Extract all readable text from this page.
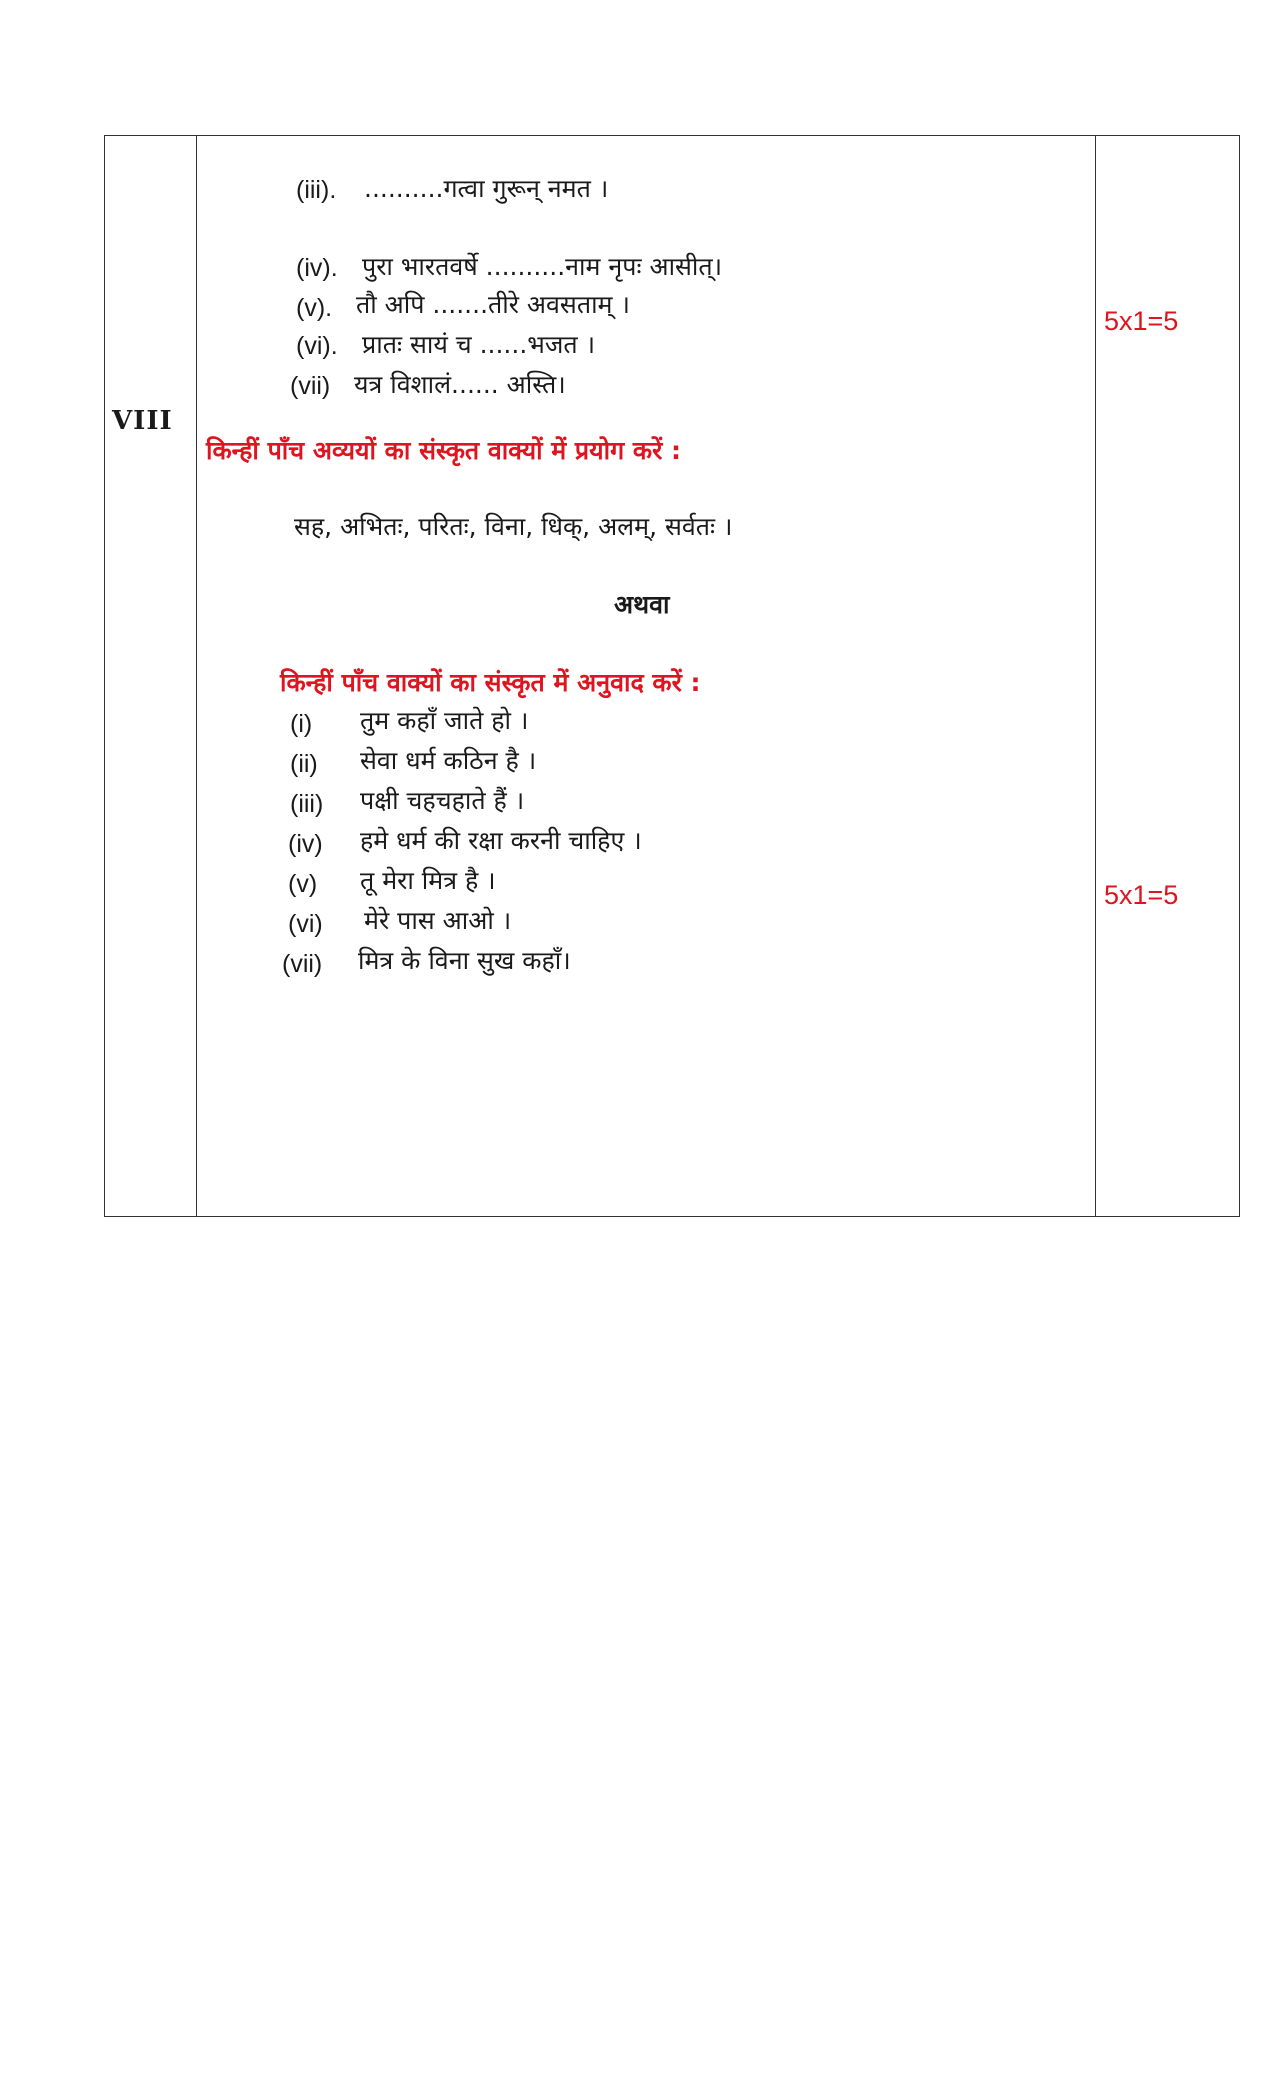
VIII
(iii). ..........गत्वा गुरून् नमत ।
(iv). पुरा भारतवर्षे ..........नाम नृपः आसीत्।
(v). तौ अपि .......तीरे अवसताम् ।
(vi). प्रातः सायं च ......भजत ।
(vii) यत्र विशालं...... अस्ति।
5x1=5
किन्हीं पाँच अव्ययों का संस्कृत वाक्यों में प्रयोग करें :
सह, अभितः, परितः, विना, धिक्, अलम्, सर्वतः ।
अथवा
किन्हीं पाँच वाक्यों का संस्कृत में अनुवाद करें :
(i) तुम कहाँ जाते हो ।
(ii) सेवा धर्म कठिन है ।
(iii) पक्षी चहचहाते हैं ।
(iv) हमे धर्म की रक्षा करनी चाहिए ।
(v) तू मेरा मित्र है ।
(vi) मेरे पास आओ ।
(vii) मित्र के विना सुख कहाँ।
5x1=5
